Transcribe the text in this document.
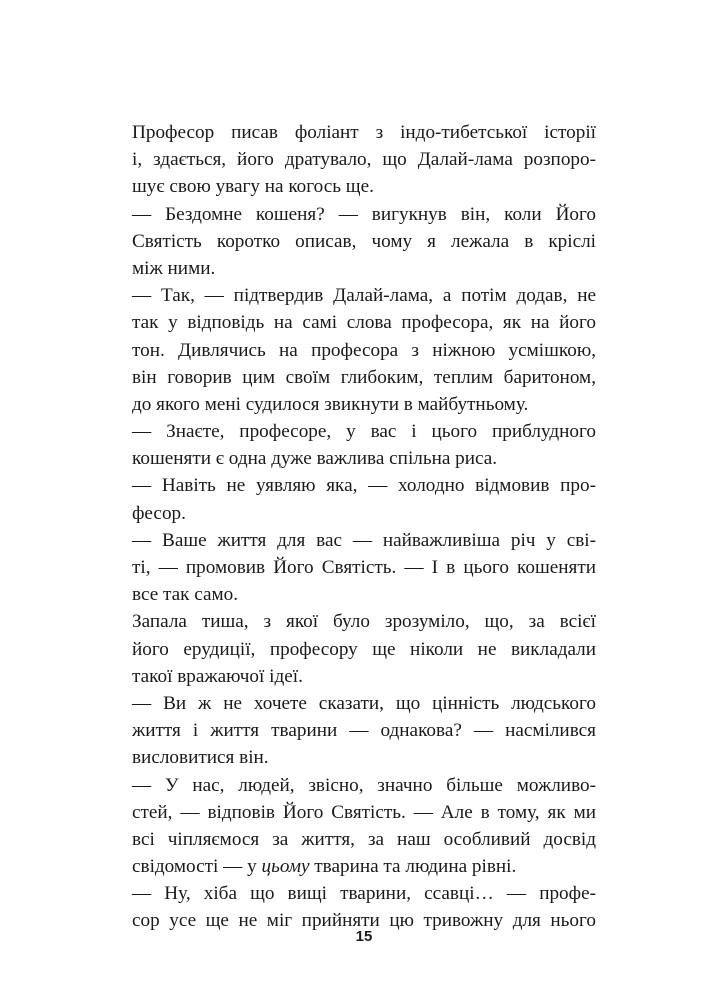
Професор писав фоліант з індо-тибетської історії
і, здається, його дратувало, що Далай-лама розпоро-
шує свою увагу на когось ще.
— Бездомне кошеня? — вигукнув він, коли Його
Святість коротко описав, чому я лежала в кріслі
між ними.
— Так, — підтвердив Далай-лама, а потім додав, не
так у відповідь на самі слова професора, як на його
тон. Дивлячись на професора з ніжною усмішкою,
він говорив цим своїм глибоким, теплим баритоном,
до якого мені судилося звикнути в майбутньому.
— Знаєте, професоре, у вас і цього приблудного
кошеняти є одна дуже важлива спільна риса.
— Навіть не уявляю яка, — холодно відмовив про-
фесор.
— Ваше життя для вас — найважливіша річ у сві-
ті, — промовив Його Святість. — І в цього кошеняти
все так само.
Запала тиша, з якої було зрозуміло, що, за всієї
його ерудиції, професору ще ніколи не викладали
такої вражаючої ідеї.
— Ви ж не хочете сказати, що цінність людського
життя і життя тварини — однакова? — насмілився
висловитися він.
— У нас, людей, звісно, значно більше можливо-
стей, — відповів Його Святість. — Але в тому, як ми
всі чіпляємося за життя, за наш особливий досвід
свідомості — у цьому тварина та людина рівні.
— Ну, хіба що вищі тварини, ссавці… — профе-
сор усе ще не міг прийняти цю тривожну для нього
15
